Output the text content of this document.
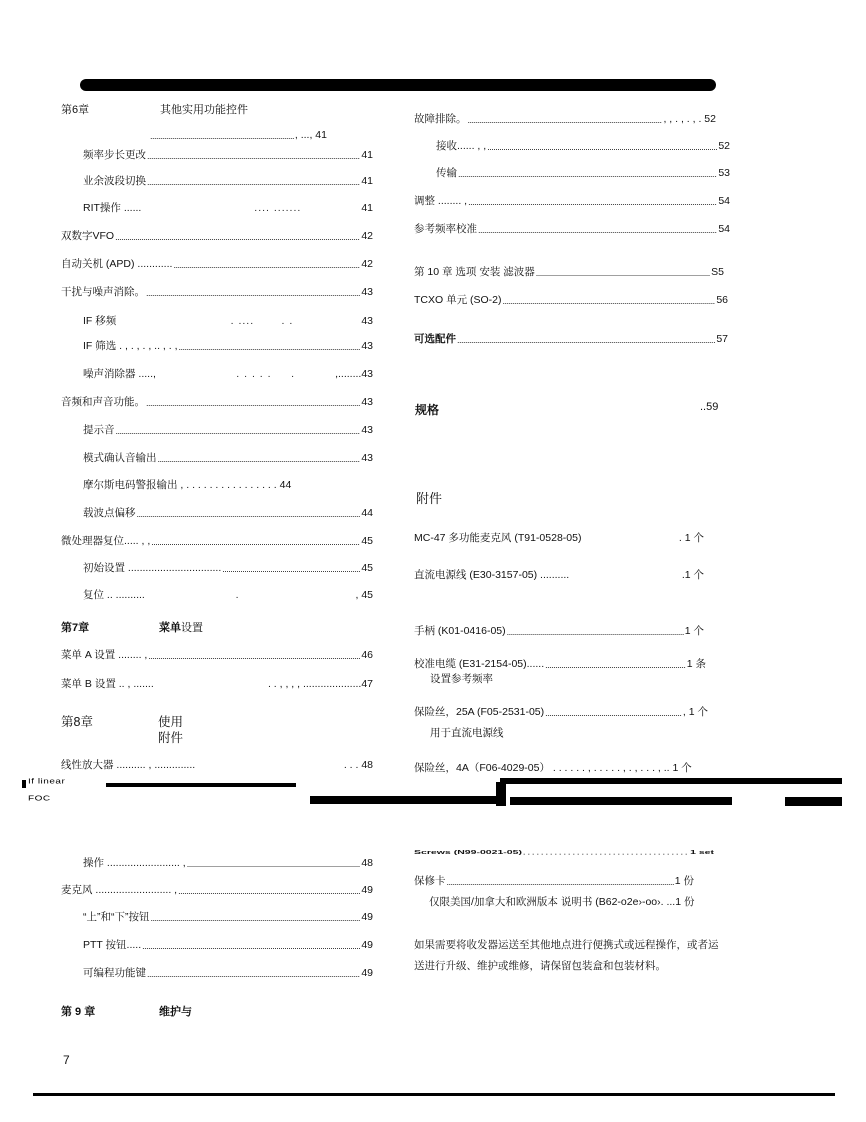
第6章	其他实用功能控件
.....
, ..., 41
频率步长更改 .....	41
业余波段切换 .....	41
RIT操作 ......	.... .......	41
双数字VFO .....	42
自动关机 (APD) ............ .....	42
干扰与噪声消除。 .....	43
IF 移频	. ....       . .	43
IF 筛选 . , . , . , .. , . , .....	43
噪声消除器 .....,	. . . . .     .	,........43
音频和声音功能。 .....	43
提示音 .....	43
模式确认音输出 .....	43
摩尔斯电码警报输出 , . . . . . . . . . . . . . . . . 44
载波点偏移 .....	44
微处理器复位..... , , .....	45
初始设置 ................................ .....	45
复位 .. ..........	.	, 45
第7章	菜单设置
菜单 A 设置 ........ , .....	46
菜单 B 设置 .. , .......	. . , , , , ....................47
第8章	使用
附件
线性放大器 .......... , ..............	. . . 48
操作 ......................... , .....	48
麦克风 .......................... , .....	49
“上”和“下”按钮 .....	49
PTT 按钮..... .....	49
可编程功能键 .....	49
第 9 章	维护与
7
故障排除。 .....	, , . , . , . 52
接收...... , , .....	52
传输 .....	53
调整 ........ , .....	54
参考频率校准 .....	54
第 10 章 选项 安装 滤波器 .....	S5
TCXO 单元 (SO-2) .....	56
可选配件 .....	57
规格	..59
附件
MC-47 多功能麦克风 (T91-0528-05)	. 1 个
直流电源线 (E30-3157-05) ..........	.1 个
手柄 (K01-0416-05) .....	1 个
校准电缆 (E31-2154-05)...... .....	1 条
设置参考频率
保险丝，25A (F05-2531-05) .....	, 1 个
用于直流电源线
保险丝，4A（F06-4029-05） . . . . . . , . . . . . , . , . . . , .. 1 个
Screws (N99-0021-05) .....	1 set
保修卡 .....	1 份
仅限美国/加拿大和欧洲版本 说明书 (B62-o2e›-oo›. ...1 份
如果需要将收发器运送至其他地点进行便携式或远程操作，或者运
送进行升级、维护或维修，请保留包装盒和包装材料。
If linear
FOC
